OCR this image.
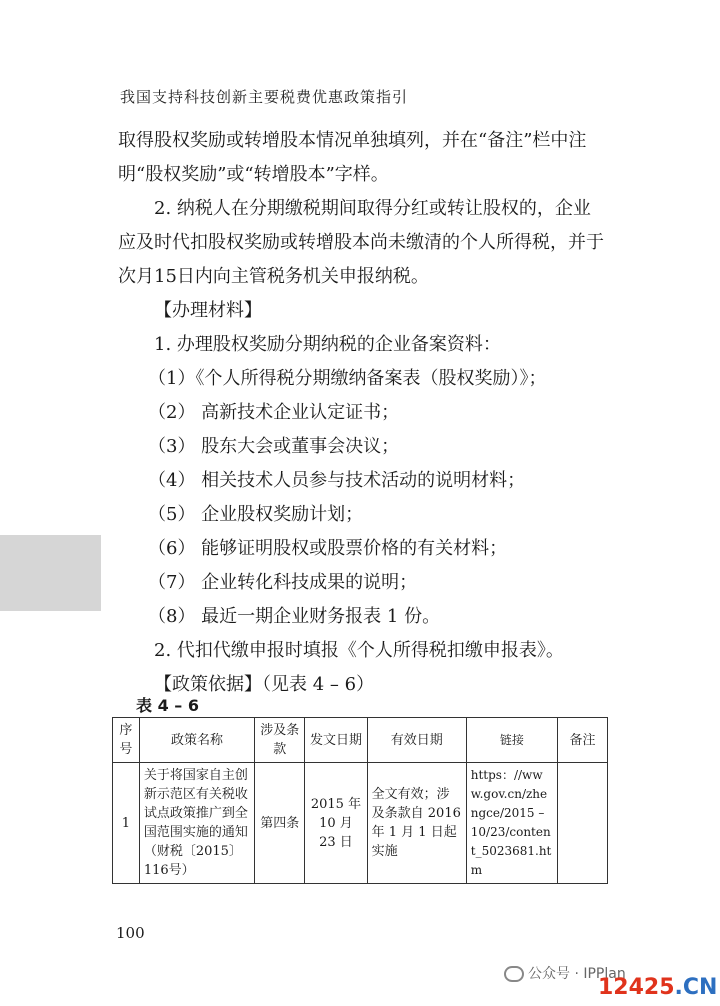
我国支持科技创新主要税费优惠政策指引

取得股权奖励或转增股本情况单独填列，并在“备注”栏中注明“股权奖励”或“转增股本”字样。

2. 纳税人在分期缴税期间取得分红或转让股权的，企业应及时代扣股权奖励或转增股本尚未缴清的个人所得税，并于次月15日内向主管税务机关申报纳税。

【办理材料】

1. 办理股权奖励分期纳税的企业备案资料：

（1）《个人所得税分期缴纳备案表（股权奖励）》；

（2） 高新技术企业认定证书；

（3） 股东大会或董事会决议；

（4） 相关技术人员参与技术活动的说明材料；

（5） 企业股权奖励计划；

（6） 能够证明股权或股票价格的有关材料；

（7） 企业转化科技成果的说明；

（8） 最近一期企业财务报表 1 份。

2. 代扣代缴申报时填报《个人所得税扣缴申报表》。

【政策依据】（见表 4 – 6）

表 4 – 6
序号	政策名称	涉及条款	发文日期	有效日期	链接	备注
1	关于将国家自主创新示范区有关税收试点政策推广到全国范围实施的通知（财税〔2015〕116号）	第四条	2015 年 10 月 23 日	全文有效；涉及条款自 2016 年 1 月 1 日起实施	https：//www.gov.cn/zhengce/2015 – 10/23/content_5023681.htm	
100
公众号 · IPPlan
12425.CN
